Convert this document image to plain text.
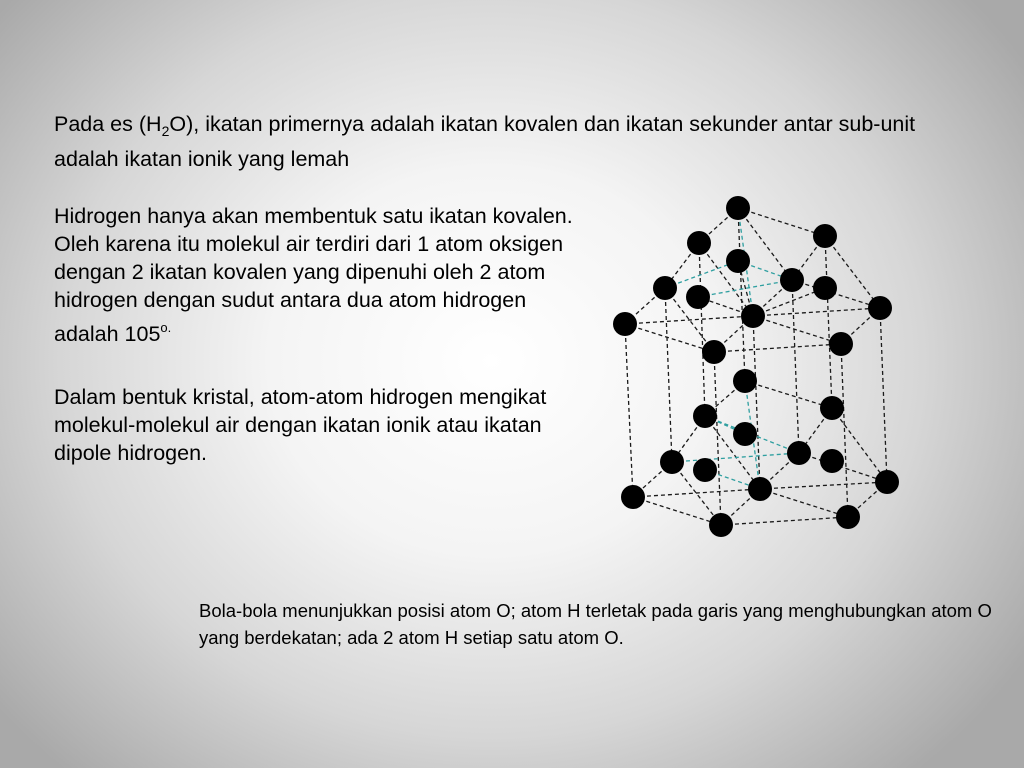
Pada es $(H_2O)$, ikatan primernya adalah ikatan kovalen dan ikatan sekunder antar sub-unit adalah ikatan ionik yang lemah

Hidrogen hanya akan membentuk satu ikatan kovalen. Oleh karena itu molekul air terdiri dari 1 atom oksigen dengan 2 ikatan kovalen yang dipenuhi oleh 2 atom hidrogen dengan sudut antara dua atom hidrogen adalah $105^{o.}$

Dalam bentuk kristal, atom-atom hidrogen mengikat molekul-molekul air dengan ikatan ionik atau ikatan dipole hidrogen.

Bola-bola menunjukkan posisi atom O; atom H terletak pada garis yang menghubungkan atom O yang berdekatan; ada 2 atom H setiap satu atom O.
